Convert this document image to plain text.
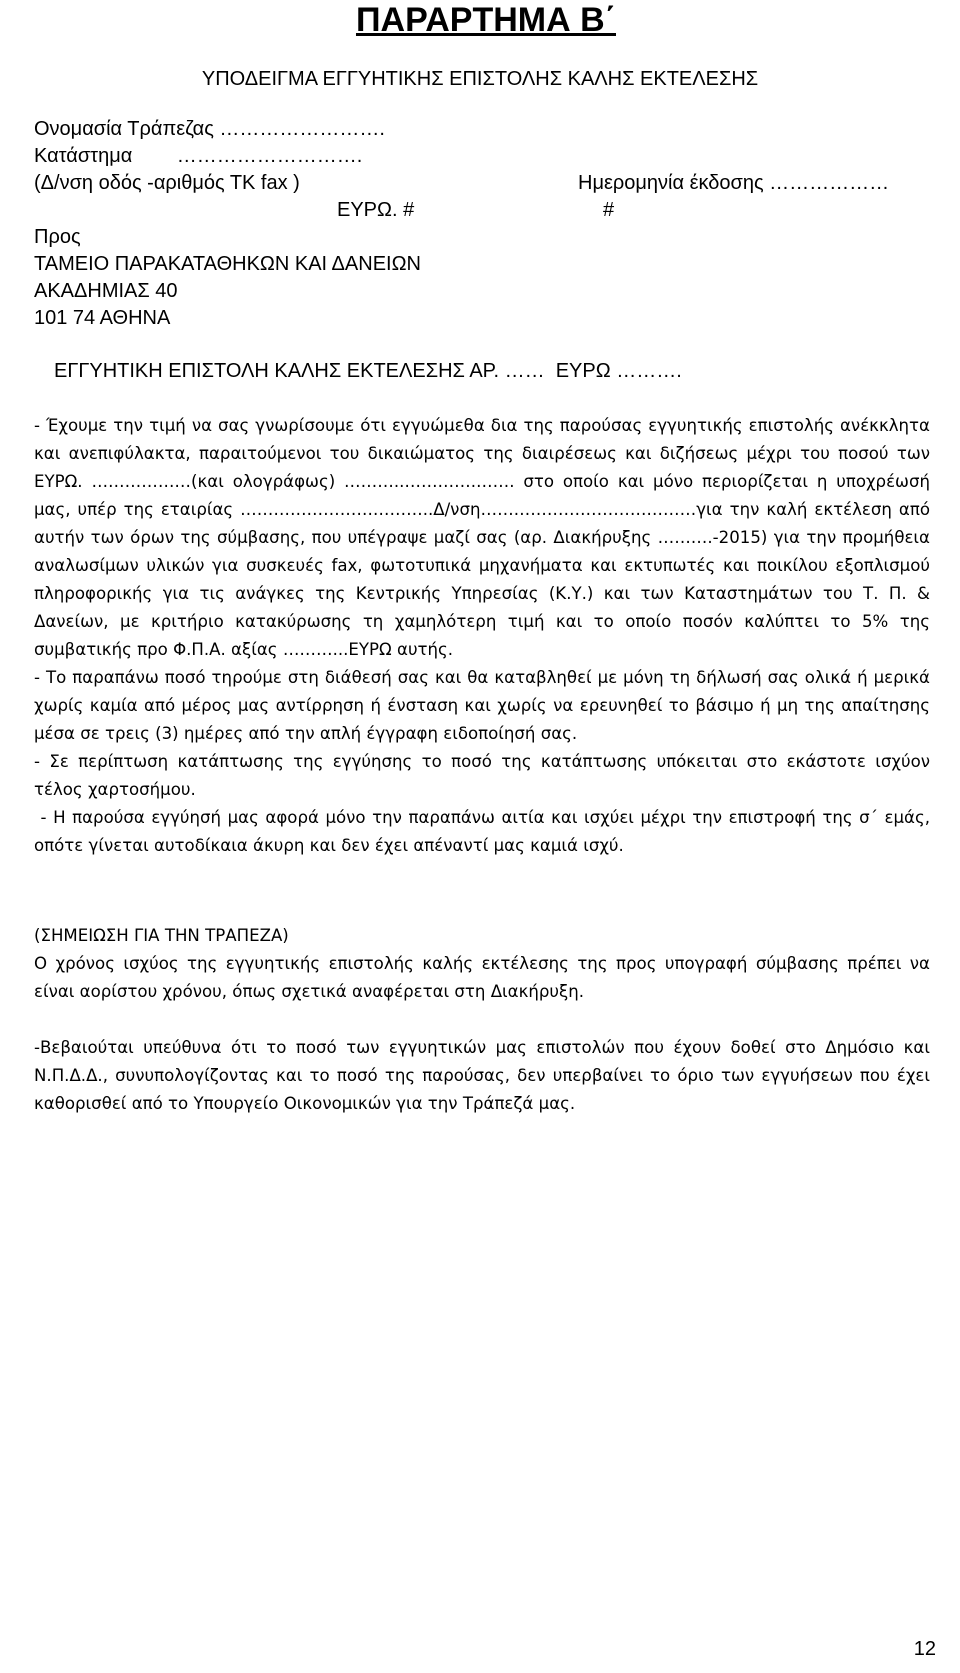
ΠΑΡΑΡΤΗΜΑ Β΄
ΥΠΟΔΕΙΓΜΑ ΕΓΓΥΗΤΙΚΗΣ ΕΠΙΣΤΟΛΗΣ ΚΑΛΗΣ ΕΚΤΕΛΕΣΗΣ
Ονομασία Τράπεζας …………………….
Κατάστημα        ……………………….
(Δ/νση οδός -αριθμός ΤΚ fax )	Ημερομηνία έκδοσης ………………
ΕΥΡΩ. #	#
Προς
ΤΑΜΕΙΟ ΠΑΡΑΚΑΤΑΘΗΚΩΝ ΚΑΙ ΔΑΝΕΙΩΝ
ΑΚΑΔΗΜΙΑΣ 40
101 74 ΑΘΗΝΑ
ΕΓΓΥΗΤΙΚΗ ΕΠΙΣΤΟΛΗ ΚΑΛΗΣ ΕΚΤΕΛΕΣΗΣ ΑΡ. ……  ΕΥΡΩ ……….

- Έχουμε την τιμή να σας γνωρίσουμε ότι εγγυώμεθα δια της παρούσας εγγυητικής επιστολής ανέκκλητα και ανεπιφύλακτα, παραιτούμενοι του δικαιώματος της διαιρέσεως και διζήσεως μέχρι του ποσού των ΕΥΡΩ. ………………(και ολογράφως) ………..………….……. στο οποίο και μόνο περιορίζεται η υποχρέωσή μας, υπέρ της εταιρίας ……………………………..Δ/νση…………………………………για την καλή εκτέλεση από αυτήν των όρων της σύμβασης, που υπέγραψε μαζί σας (αρ. Διακήρυξης ……….-2015) για την προμήθεια αναλωσίμων υλικών για συσκευές fax, φωτοτυπικά μηχανήματα και εκτυπωτές και ποικίλου εξοπλισμού πληροφορικής για τις ανάγκες της Κεντρικής Υπηρεσίας (Κ.Υ.) και των Καταστημάτων του Τ. Π. & Δανείων, με κριτήριο κατακύρωσης τη χαμηλότερη τιμή και το οποίο ποσόν καλύπτει το 5% της συμβατικής προ Φ.Π.Α. αξίας ………...ΕΥΡΩ αυτής.

- Το παραπάνω ποσό τηρούμε στη διάθεσή σας και θα καταβληθεί με μόνη τη δήλωσή σας ολικά ή μερικά χωρίς καμία από μέρος μας αντίρρηση ή ένσταση και χωρίς να ερευνηθεί το βάσιμο ή μη της απαίτησης μέσα σε τρεις (3) ημέρες από την απλή έγγραφη ειδοποίησή σας.

- Σε περίπτωση κατάπτωσης της εγγύησης το ποσό της κατάπτωσης υπόκειται στο εκάστοτε ισχύον τέλος χαρτοσήμου.

- Η παρούσα εγγύησή μας αφορά μόνο την παραπάνω αιτία και ισχύει μέχρι την επιστροφή της σ΄ εμάς, οπότε γίνεται αυτοδίκαια άκυρη και δεν έχει απέναντί μας καμιά ισχύ.

(ΣΗΜΕΙΩΣΗ ΓΙΑ ΤΗΝ ΤΡΑΠΕΖΑ)

Ο χρόνος ισχύος της εγγυητικής επιστολής καλής εκτέλεσης της προς υπογραφή σύμβασης πρέπει να είναι αορίστου χρόνου, όπως σχετικά αναφέρεται στη Διακήρυξη.

-Βεβαιούται υπεύθυνα ότι το ποσό των εγγυητικών μας επιστολών που έχουν δοθεί στο Δημόσιο και Ν.Π.Δ.Δ., συνυπολογίζοντας και το ποσό της παρούσας, δεν υπερβαίνει το όριο των εγγυήσεων που έχει καθορισθεί από το Υπουργείο Οικονομικών για την Τράπεζά μας.

12
